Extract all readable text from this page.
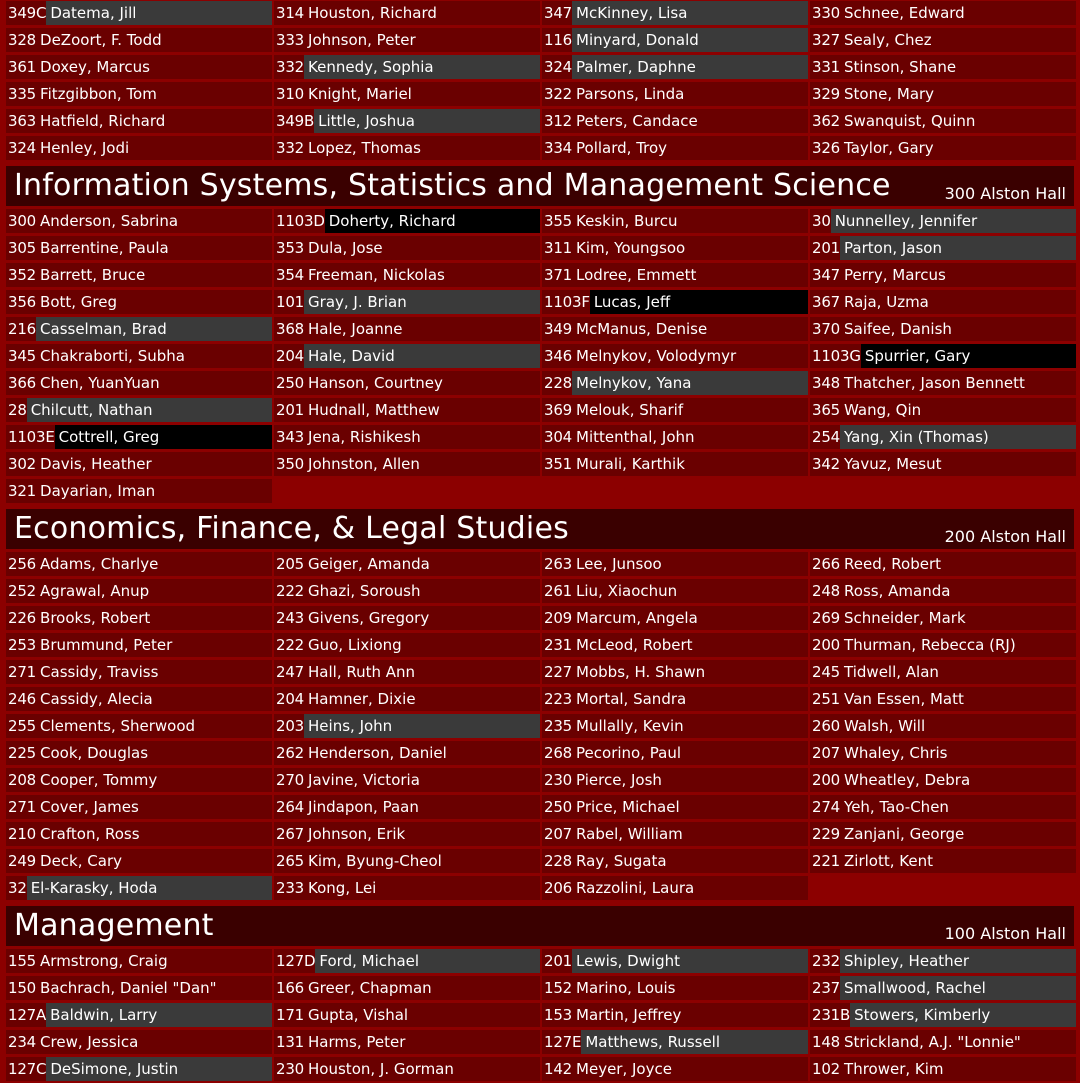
349C Datema, Jill	314 Houston, Richard	347 McKinney, Lisa	330 Schnee, Edward
328 DeZoort, F. Todd	333 Johnson, Peter	116 Minyard, Donald	327 Sealy, Chez
361 Doxey, Marcus	332 Kennedy, Sophia	324 Palmer, Daphne	331 Stinson, Shane
335 Fitzgibbon, Tom	310 Knight, Mariel	322 Parsons, Linda	329 Stone, Mary
363 Hatfield, Richard	349B Little, Joshua	312 Peters, Candace	362 Swanquist, Quinn
324 Henley, Jodi	332 Lopez, Thomas	334 Pollard, Troy	326 Taylor, Gary
Information Systems, Statistics and Management Science	300 Alston Hall
300 Anderson, Sabrina	1103D Doherty, Richard	355 Keskin, Burcu	30 Nunnelley, Jennifer
305 Barrentine, Paula	353 Dula, Jose	311 Kim, Youngsoo	201 Parton, Jason
352 Barrett, Bruce	354 Freeman, Nickolas	371 Lodree, Emmett	347 Perry, Marcus
356 Bott, Greg	101 Gray, J. Brian	1103F Lucas, Jeff	367 Raja, Uzma
216 Casselman, Brad	368 Hale, Joanne	349 McManus, Denise	370 Saifee, Danish
345 Chakraborti, Subha	204 Hale, David	346 Melnykov, Volodymyr	1103G Spurrier, Gary
366 Chen, YuanYuan	250 Hanson, Courtney	228 Melnykov, Yana	348 Thatcher, Jason Bennett
28 Chilcutt, Nathan	201 Hudnall, Matthew	369 Melouk, Sharif	365 Wang, Qin
1103E Cottrell, Greg	343 Jena, Rishikesh	304 Mittenthal, John	254 Yang, Xin (Thomas)
302 Davis, Heather	350 Johnston, Allen	351 Murali, Karthik	342 Yavuz, Mesut
321 Dayarian, Iman
Economics, Finance, & Legal Studies	200 Alston Hall
256 Adams, Charlye	205 Geiger, Amanda	263 Lee, Junsoo	266 Reed, Robert
252 Agrawal, Anup	222 Ghazi, Soroush	261 Liu, Xiaochun	248 Ross, Amanda
226 Brooks, Robert	243 Givens, Gregory	209 Marcum, Angela	269 Schneider, Mark
253 Brummund, Peter	222 Guo, Lixiong	231 McLeod, Robert	200 Thurman, Rebecca (RJ)
271 Cassidy, Traviss	247 Hall, Ruth Ann	227 Mobbs, H. Shawn	245 Tidwell, Alan
246 Cassidy, Alecia	204 Hamner, Dixie	223 Mortal, Sandra	251 Van Essen, Matt
255 Clements, Sherwood	203 Heins, John	235 Mullally, Kevin	260 Walsh, Will
225 Cook, Douglas	262 Henderson, Daniel	268 Pecorino, Paul	207 Whaley, Chris
208 Cooper, Tommy	270 Javine, Victoria	230 Pierce, Josh	200 Wheatley, Debra
271 Cover, James	264 Jindapon, Paan	250 Price, Michael	274 Yeh, Tao-Chen
210 Crafton, Ross	267 Johnson, Erik	207 Rabel, William	229 Zanjani, George
249 Deck, Cary	265 Kim, Byung-Cheol	228 Ray, Sugata	221 Zirlott, Kent
32 El-Karasky, Hoda	233 Kong, Lei	206 Razzolini, Laura
Management	100 Alston Hall
155 Armstrong, Craig	127D Ford, Michael	201 Lewis, Dwight	232 Shipley, Heather
150 Bachrach, Daniel "Dan"	166 Greer, Chapman	152 Marino, Louis	237 Smallwood, Rachel
127A Baldwin, Larry	171 Gupta, Vishal	153 Martin, Jeffrey	231B Stowers, Kimberly
234 Crew, Jessica	131 Harms, Peter	127E Matthews, Russell	148 Strickland, A.J. "Lonnie"
127C DeSimone, Justin	230 Houston, J. Gorman	142 Meyer, Joyce	102 Thrower, Kim
